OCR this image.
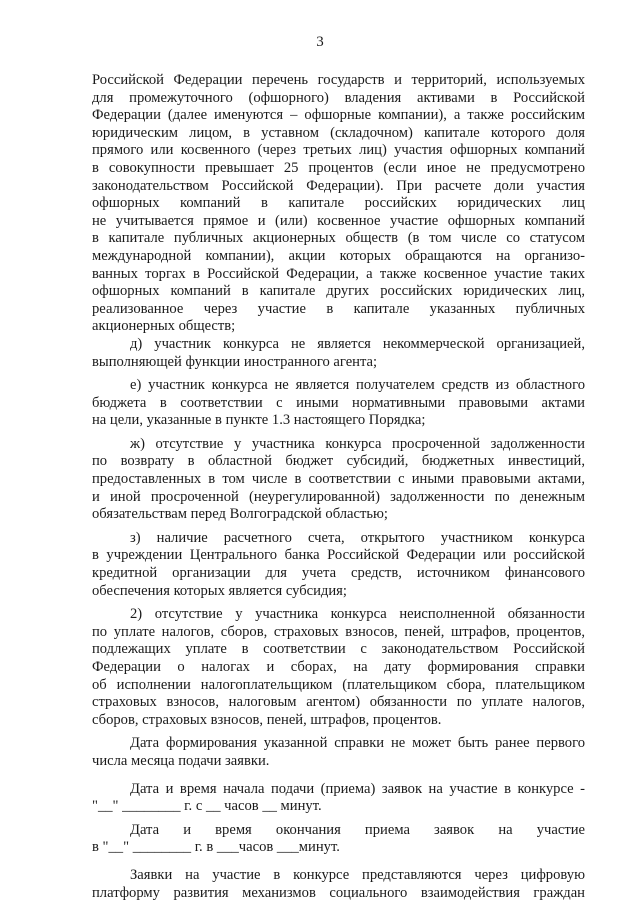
3
Российской Федерации перечень государств и территорий, используемых
для промежуточного (офшорного) владения активами в Российской
Федерации (далее именуются – офшорные компании), а также российским
юридическим лицом, в уставном (складочном) капитале которого доля
прямого или косвенного (через третьих лиц) участия офшорных компаний
в совокупности превышает 25 процентов (если иное не предусмотрено
законодательством Российской Федерации). При расчете доли участия
офшорных компаний в капитале российских юридических лиц
не учитывается прямое и (или) косвенное участие офшорных компаний
в капитале публичных акционерных обществ (в том числе со статусом
международной компании), акции которых обращаются на организо-
ванных торгах в Российской Федерации, а также косвенное участие таких
офшорных компаний в капитале других российских юридических лиц,
реализованное через участие в капитале указанных публичных
акционерных обществ;
д) участник конкурса не является некоммерческой организацией,
выполняющей функции иностранного агента;
е) участник конкурса не является получателем средств из областного
бюджета в соответствии с иными нормативными правовыми актами
на цели, указанные в пункте 1.3 настоящего Порядка;
ж) отсутствие у участника конкурса просроченной задолженности
по возврату в областной бюджет субсидий, бюджетных инвестиций,
предоставленных в том числе в соответствии с иными правовыми актами,
и иной просроченной (неурегулированной) задолженности по денежным
обязательствам перед Волгоградской областью;
з) наличие расчетного счета, открытого участником конкурса
в учреждении Центрального банка Российской Федерации или российской
кредитной организации для учета средств, источником финансового
обеспечения которых является субсидия;
2) отсутствие у участника конкурса неисполненной обязанности
по уплате налогов, сборов, страховых взносов, пеней, штрафов, процентов,
подлежащих уплате в соответствии с законодательством Российской
Федерации о налогах и сборах, на дату формирования справки
об исполнении налогоплательщиком (плательщиком сбора, плательщиком
страховых взносов, налоговым агентом) обязанности по уплате налогов,
сборов, страховых взносов, пеней, штрафов, процентов.
Дата формирования указанной справки не может быть ранее первого
числа месяца подачи заявки.
Дата и время начала подачи (приема) заявок на участие в конкурсе -
"__" ________ г. с __ часов __ минут.
Дата и время окончания приема заявок на участие
в "__" ________ г. в ___часов ___минут.
Заявки на участие в конкурсе представляются через цифровую
платформу развития механизмов социального взаимодействия граждан
